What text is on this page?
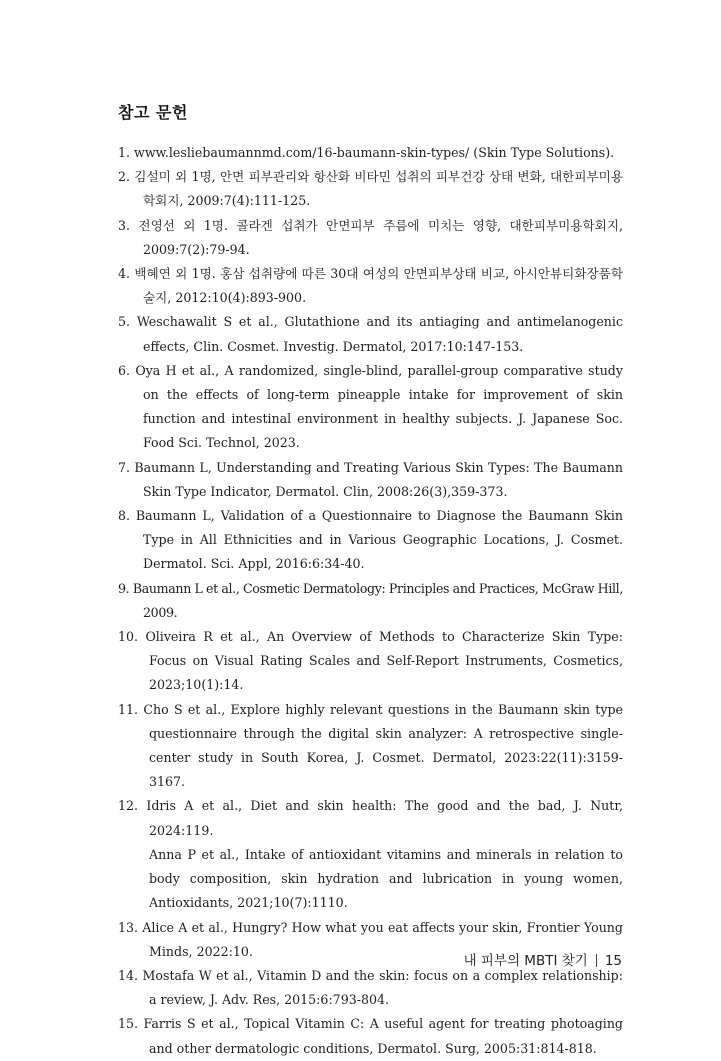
참고 문헌
1. www.lesliebaumannmd.com/16-baumann-skin-types/ (Skin Type Solutions).
2. 김설미 외 1명, 안면 피부관리와 항산화 비타민 섭취의 피부건강 상태 변화, 대한피부미용학회지, 2009:7(4):111-125.
3. 전영선 외 1명. 콜라겐 섭취가 안면피부 주름에 미치는 영향, 대한피부미용학회지, 2009:7(2):79-94.
4. 백혜연 외 1명. 홍삼 섭취량에 따른 30대 여성의 안면피부상태 비교, 아시안뷰티화장품학술지, 2012:10(4):893-900.
5. Weschawalit S et al., Glutathione and its antiaging and antimelanogenic effects, Clin. Cosmet. Investig. Dermatol, 2017:10:147-153.
6. Oya H et al., A randomized, single-blind, parallel-group comparative study on the effects of long-term pineapple intake for improvement of skin function and intestinal environment in healthy subjects. J. Japanese Soc. Food Sci. Technol, 2023.
7. Baumann L, Understanding and Treating Various Skin Types: The Baumann Skin Type Indicator, Dermatol. Clin, 2008:26(3),359-373.
8. Baumann L, Validation of a Questionnaire to Diagnose the Baumann Skin Type in All Ethnicities and in Various Geographic Locations, J. Cosmet. Dermatol. Sci. Appl, 2016:6:34-40.
9. Baumann L et al., Cosmetic Dermatology: Principles and Practices, McGraw Hill, 2009.
10. Oliveira R et al., An Overview of Methods to Characterize Skin Type: Focus on Visual Rating Scales and Self-Report Instruments, Cosmetics, 2023;10(1):14.
11. Cho S et al., Explore highly relevant questions in the Baumann skin type questionnaire through the digital skin analyzer: A retrospective single-center study in South Korea, J. Cosmet. Dermatol, 2023:22(11):3159-3167.
12. Idris A et al., Diet and skin health: The good and the bad, J. Nutr, 2024:119.
Anna P et al., Intake of antioxidant vitamins and minerals in relation to body composition, skin hydration and lubrication in young women, Antioxidants, 2021;10(7):1110.
13. Alice A et al., Hungry? How what you eat affects your skin, Frontier Young Minds, 2022:10.
14. Mostafa W et al., Vitamin D and the skin: focus on a complex relationship: a review, J. Adv. Res, 2015:6:793-804.
15. Farris S et al., Topical Vitamin C: A useful agent for treating photoaging and other dermatologic conditions, Dermatol. Surg, 2005:31:814-818.
내 피부의 MBTI 찾기 15
